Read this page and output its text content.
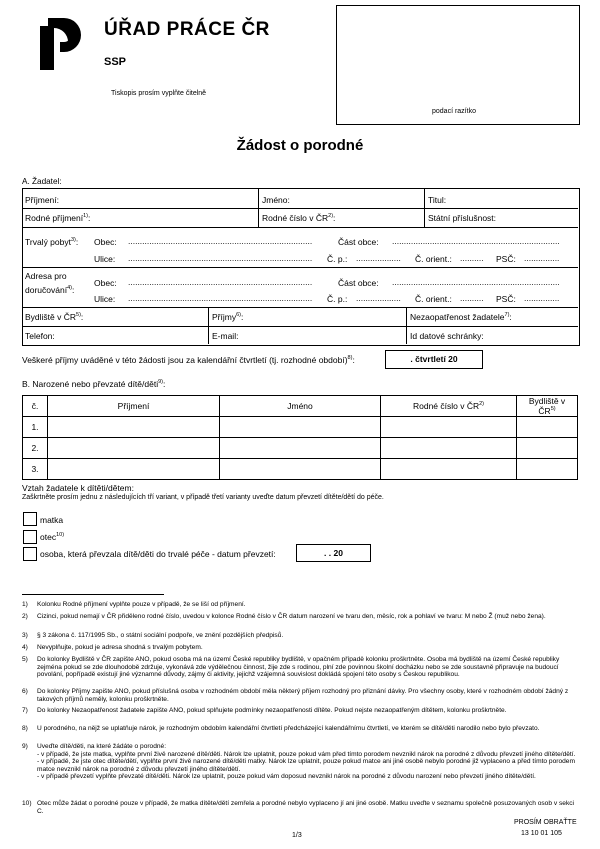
ÚŘAD PRÁCE ČR
SSP
Tiskopis prosím vyplňte čitelně
podací razítko
Žádost o porodné
A. Žadatel:
Příjmení:	Jméno:	Titul:
Rodné příjmení$^{1)}$:	Rodné číslo v ČR$^{2)}$:	Státní příslušnost:
Trvalý pobyt$^{3)}$: Obec: ..............................................................................	Část obce: .......................................................................
Ulice: .............................................................................. Č. p.: ................... Č. orient.: .......... PSČ: ...............
Adresa pro
doručování$^{4)}$:
Obec: ..............................................................................	Část obce: .......................................................................
Ulice: .............................................................................. Č. p.: ................... Č. orient.: .......... PSČ: ...............
Bydliště v ČR$^{5)}$:	Příjmy$^{6)}$:	Nezaopatřenost žadatele$^{7)}$:
Telefon:	E-mail:	Id datové schránky:
Veškeré příjmy uváděné v této žádosti jsou za kalendářní čtvrtletí (tj. rozhodné období)$^{8)}$:	. čtvrtletí 20
B. Narozené nebo převzaté dítě/děti$^{9)}$:
č.	Příjmení	Jméno	Rodné číslo v ČR$^{2)}$	Bydliště v ČR$^{5)}$
1.				
2.				
3.				
Vztah žadatele k dítěti/dětem:
Zaškrtněte prosím jednu z následujících tří variant, v případě třetí varianty uveďte datum převzetí dítěte/dětí do péče.
matka
otec$^{10)}$
osoba, která převzala dítě/děti do trvalé péče - datum převzetí:	. . 20
1) Kolonku Rodné příjmení vyplňte pouze v případě, že se liší od příjmení.
2) Cizinci, pokud nemají v ČR přiděleno rodné číslo, uvedou v kolonce Rodné číslo v ČR datum narození ve tvaru den, měsíc, rok a pohlaví ve tvaru: M nebo Ž (muž nebo žena).
3) § 3 zákona č. 117/1995 Sb., o státní sociální podpoře, ve znění pozdějších předpisů.
4) Nevyplňujte, pokud je adresa shodná s trvalým pobytem.
5) Do kolonky Bydliště v ČR zapište ANO, pokud osoba má na území České republiky bydliště, v opačném případě kolonku proškrtněte. Osoba má bydliště na území České republiky zejména pokud se zde dlouhodobě zdržuje, vykonává zde výdělečnou činnost, žije zde s rodinou, plní zde povinnou školní docházku nebo se zde soustavně připravuje na budoucí povolání, popřípadě existují jiné významné důvody, zájmy či aktivity, jejichž vzájemná souvislost dokládá spojení této osoby s Českou republikou.
6) Do kolonky Příjmy zapište ANO, pokud příslušná osoba v rozhodném období měla některý příjem rozhodný pro přiznání dávky. Pro všechny osoby, které v rozhodném období žádný z takových příjmů neměly, kolonku proškrtněte.
7) Do kolonky Nezaopatřenost žadatele zapište ANO, pokud splňujete podmínky nezaopatřenosti dítěte. Pokud nejste nezaopatřeným dítětem, kolonku proškrtněte.
8) U porodného, na nějž se uplatňuje nárok, je rozhodným obdobím kalendářní čtvrtletí předcházející kalendářnímu čtvrtletí, ve kterém se dítě/děti narodilo nebo bylo převzato.
9) Uveďte dítě/děti, na které žádáte o porodné:
- v případě, že jste matka, vyplňte první živě narozené dítě/děti. Nárok lze uplatnit, pouze pokud vám před tímto porodem nevznikl nárok na porodné z důvodu převzetí jiného dítěte/dětí.
- v případě, že jste otec dítěte/dětí, vyplňte první živě narozené dítě/děti matky. Nárok lze uplatnit, pouze pokud matce ani jiné osobě nebylo porodné již vyplaceno a před tímto porodem matce nevznikl nárok na porodné z důvodu převzetí jiného dítěte/dětí.
- v případě převzetí vyplňte převzaté dítě/děti. Nárok lze uplatnit, pouze pokud vám doposud nevznikl nárok na porodné z důvodu narození nebo převzetí jiného dítěte/dětí.
10) Otec může žádat o porodné pouze v případě, že matka dítěte/dětí zemřela a porodné nebylo vyplaceno jí ani jiné osobě. Matku uveďte v seznamu společně posuzovaných osob v sekci C.
1/3
PROSÍM OBRAŤTE
13 10 01 105
